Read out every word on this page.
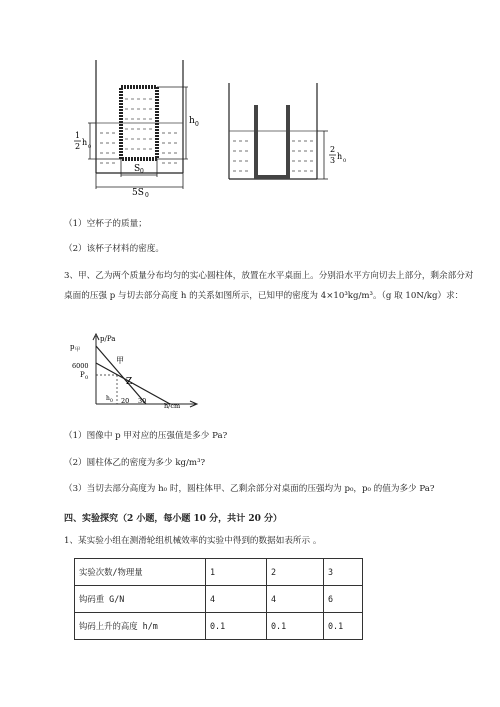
h 0
1
2 h 0
S 0
5S 0
2
3 h 0
（1）空杯子的质量；
（2）该杯子材料的密度。
3、甲、乙为两个质量分布均匀的实心圆柱体，放置在水平桌面上。分别沿水平方向切去上部分，剩余部分对桌面的压强 p 与切去部分高度 h 的关系如图所示，已知甲的密度为 4×10³kg/m³。（g 取 10N/kg）求：
p/Pa
p 甲
6000
P 0
甲
Z
h 0 20 30
h/cm
（1）图像中 p 甲对应的压强值是多少 Pa?
（2）圆柱体乙的密度为多少 kg/m³?
（3）当切去部分高度为 h₀ 时，圆柱体甲、乙剩余部分对桌面的压强均为 p₀，p₀ 的值为多少 Pa?
四、实验探究（2 小题，每小题 10 分，共计 20 分）
1、某实验小组在测滑轮组机械效率的实验中得到的数据如表所示 。
实验次数/物理量	1	2	3
钩码重 G/N	4	4	6
钩码上升的高度 h/m	0.1	0.1	0.1
